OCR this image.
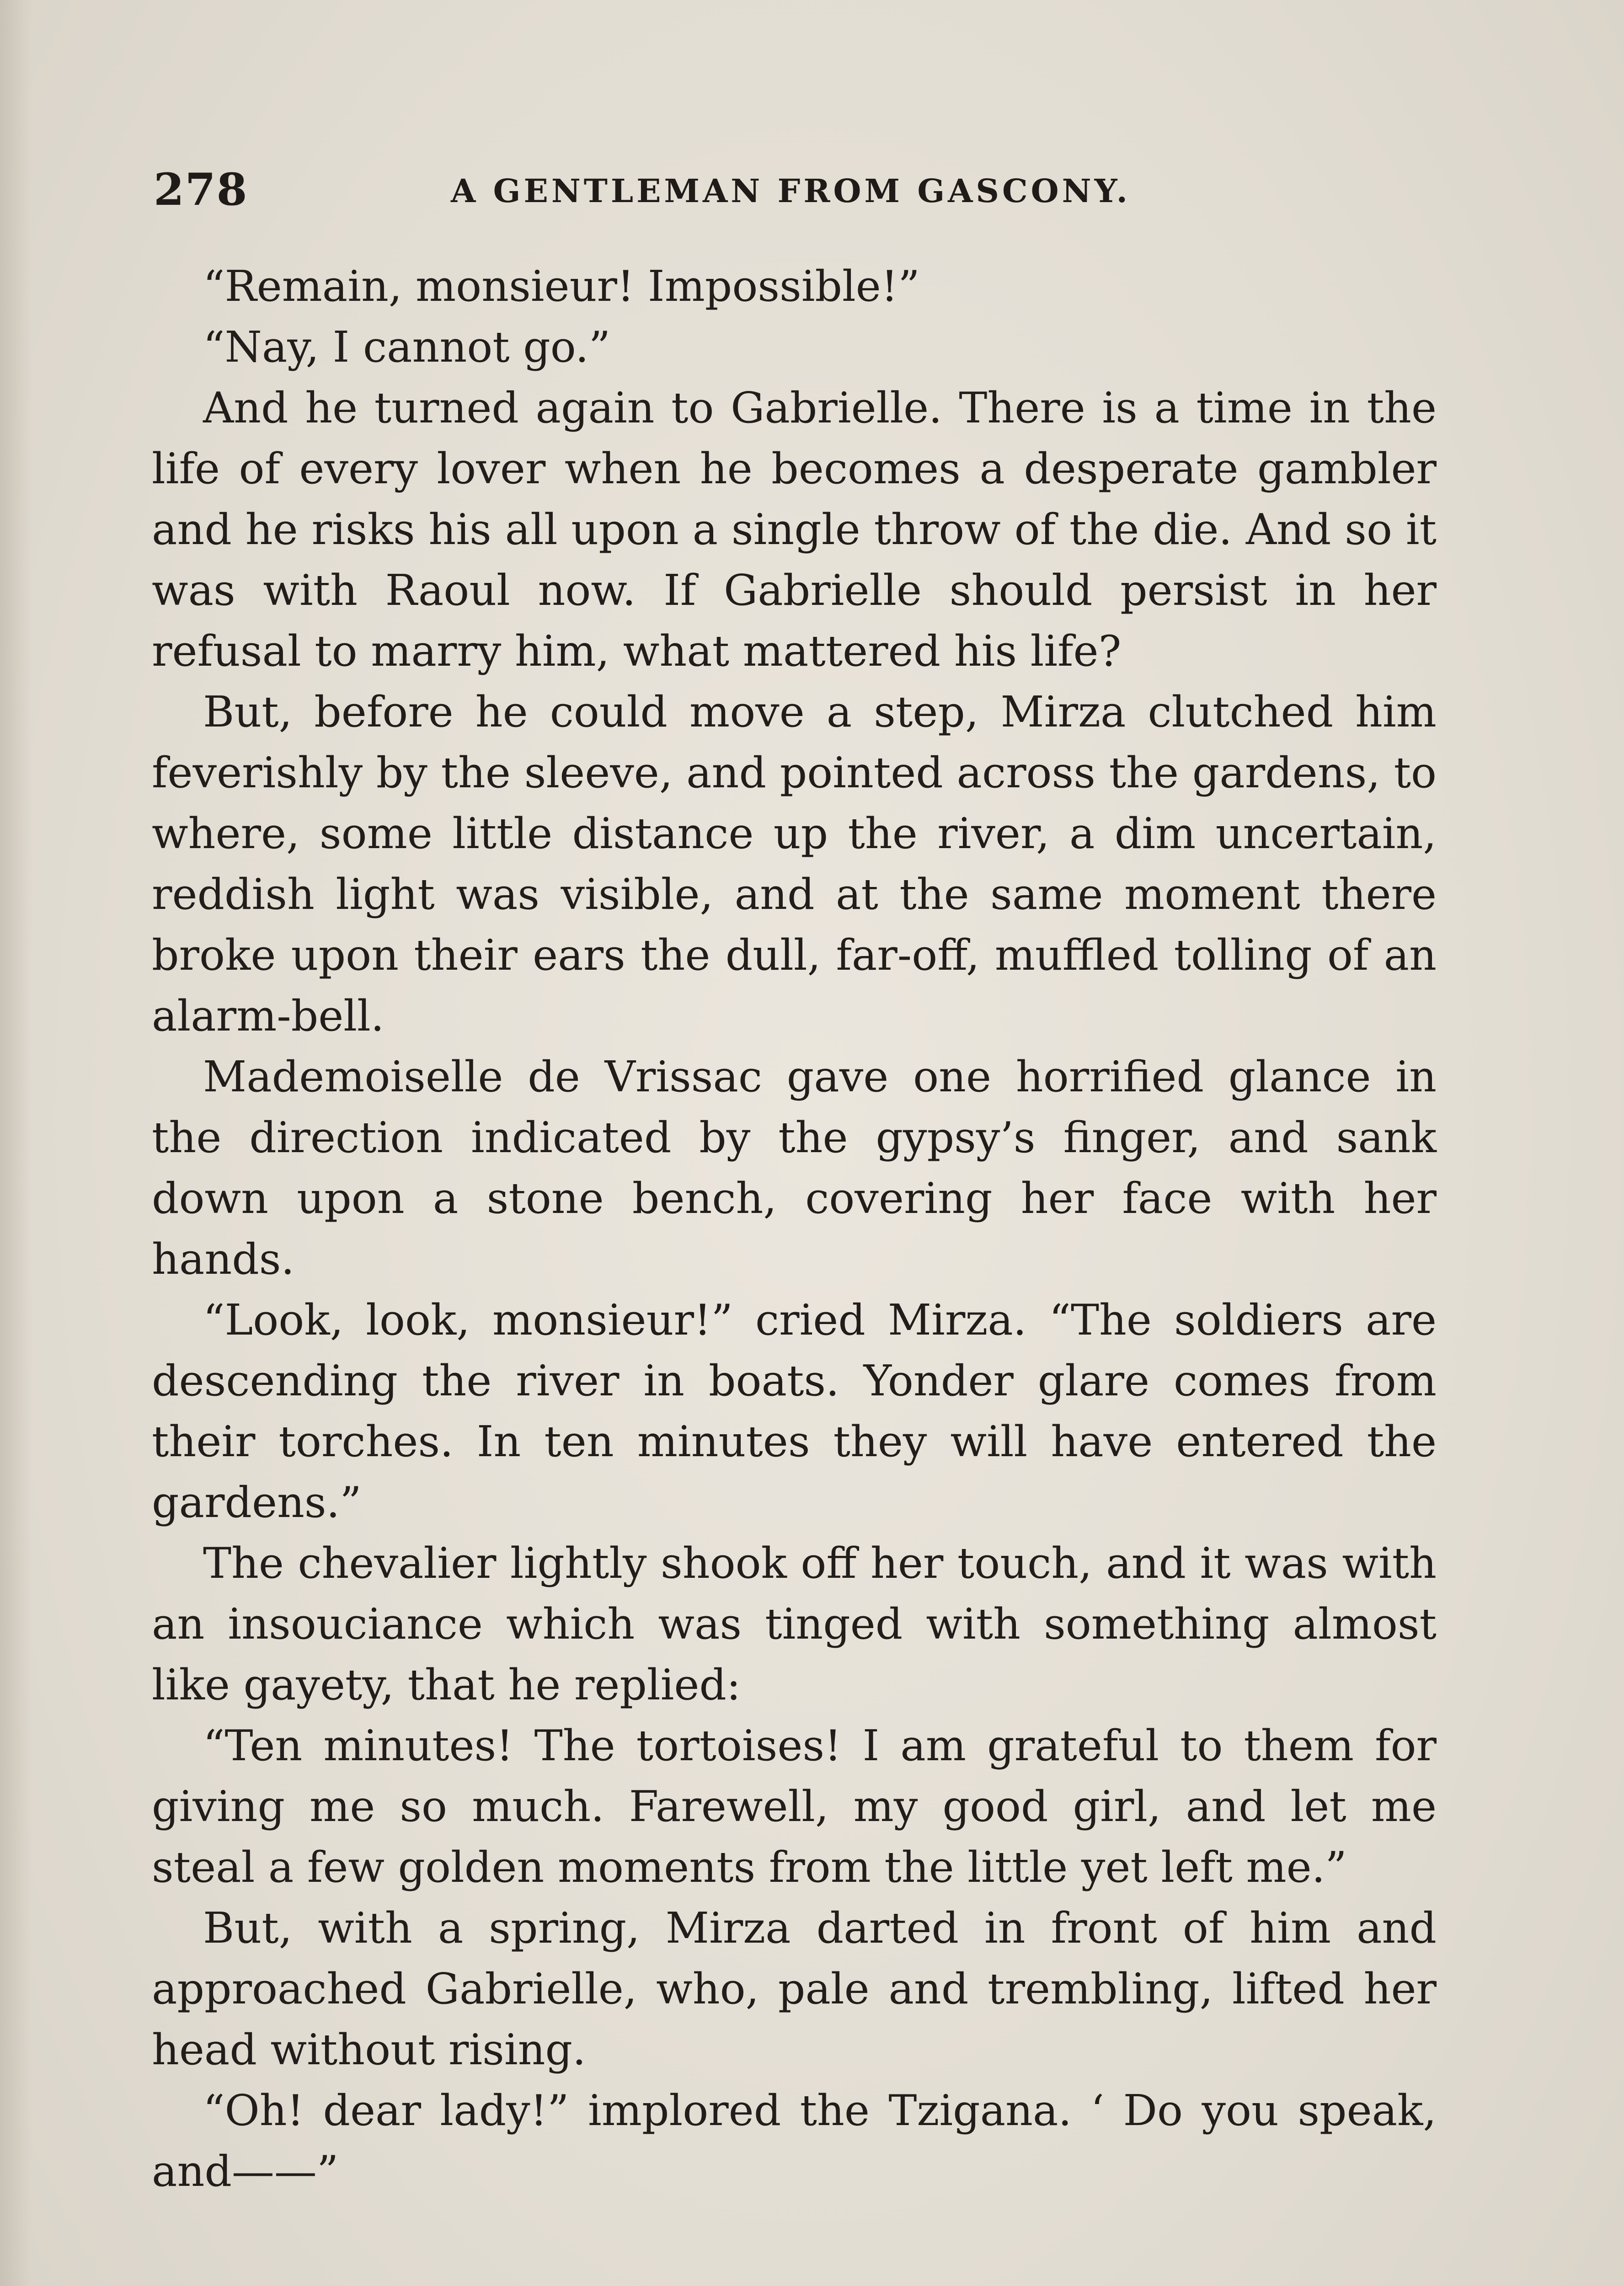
278	A GENTLEMAN FROM GASCONY.

“Remain, monsieur! Impossible!”

“Nay, I cannot go.”

And he turned again to Gabrielle. There is a time in the life of every lover when he becomes a desperate gambler and he risks his all upon a single throw of the die. And so it was with Raoul now. If Gabrielle should persist in her refusal to marry him, what mattered his life?

But, before he could move a step, Mirza clutched him feverishly by the sleeve, and pointed across the gardens, to where, some little distance up the river, a dim uncertain, reddish light was visible, and at the same moment there broke upon their ears the dull, far-off, muffled tolling of an alarm-bell.

Mademoiselle de Vrissac gave one horrified glance in the direction indicated by the gypsy’s finger, and sank down upon a stone bench, covering her face with her hands.

“Look, look, monsieur!” cried Mirza. “The soldiers are descending the river in boats. Yonder glare comes from their torches. In ten minutes they will have entered the gardens.”

The chevalier lightly shook off her touch, and it was with an insouciance which was tinged with something almost like gayety, that he replied:

“Ten minutes! The tortoises! I am grateful to them for giving me so much. Farewell, my good girl, and let me steal a few golden moments from the little yet left me.”

But, with a spring, Mirza darted in front of him and approached Gabrielle, who, pale and trembling, lifted her head without rising.

“Oh! dear lady!” implored the Tzigana. ‘ Do you speak, and——”
